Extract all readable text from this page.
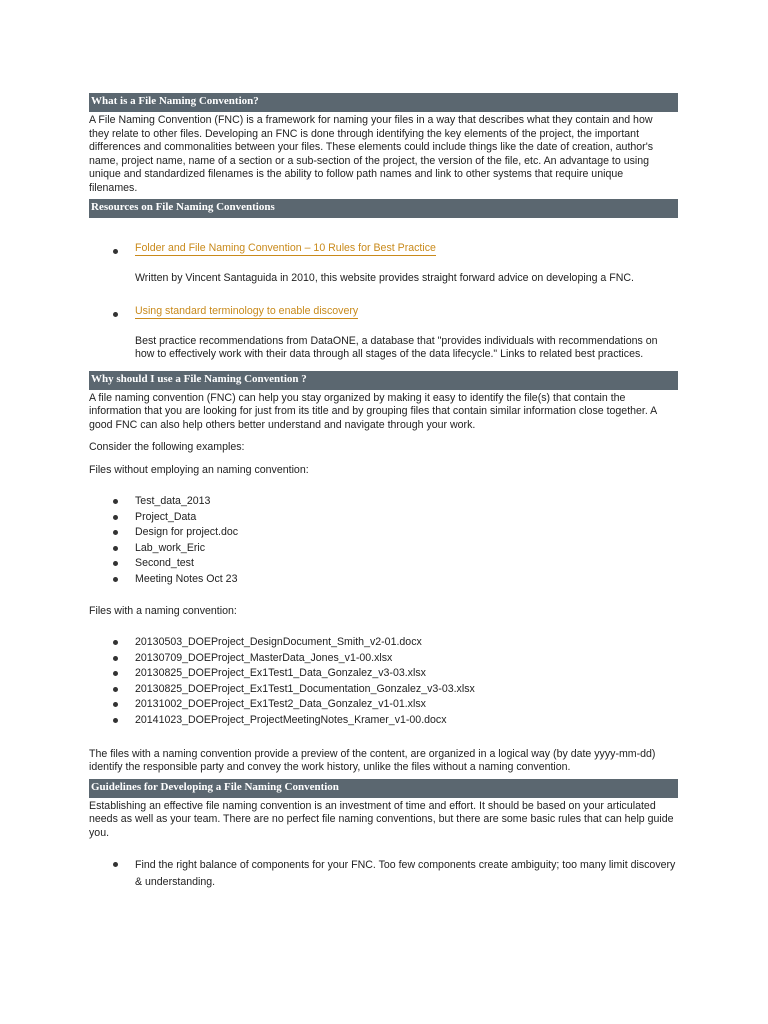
What is a File Naming Convention?

A File Naming Convention (FNC) is a framework for naming your files in a way that describes what they contain and how they relate to other files. Developing an FNC is done through identifying the key elements of the project, the important differences and commonalities between your files. These elements could include things like the date of creation, author's name, project name, name of a section or a sub-section of the project, the version of the file, etc. An advantage to using unique and standardized filenames is the ability to follow path names and link to other systems that require unique filenames.

Resources on File Naming Conventions
Folder and File Naming Convention – 10 Rules for Best Practice
Written by Vincent Santaguida in 2010, this website provides straight forward advice on developing a FNC.
Using standard terminology to enable discovery
Best practice recommendations from DataONE, a database that "provides individuals with recommendations on how to effectively work with their data through all stages of the data lifecycle." Links to related best practices.
Why should I use a File Naming Convention ?

A file naming convention (FNC) can help you stay organized by making it easy to identify the file(s) that contain the information that you are looking for just from its title and by grouping files that contain similar information close together. A good FNC can also help others better understand and navigate through your work.

Consider the following examples:

Files without employing an naming convention:

Test_data_2013
Project_Data
Design for project.doc
Lab_work_Eric
Second_test
Meeting Notes Oct 23

Files with a naming convention:

20130503_DOEProject_DesignDocument_Smith_v2-01.docx
20130709_DOEProject_MasterData_Jones_v1-00.xlsx
20130825_DOEProject_Ex1Test1_Data_Gonzalez_v3-03.xlsx
20130825_DOEProject_Ex1Test1_Documentation_Gonzalez_v3-03.xlsx
20131002_DOEProject_Ex1Test2_Data_Gonzalez_v1-01.xlsx
20141023_DOEProject_ProjectMeetingNotes_Kramer_v1-00.docx

The files with a naming convention provide a preview of the content, are organized in a logical way (by date yyyy-mm-dd) identify the responsible party and convey the work history, unlike the files without a naming convention.

Guidelines for Developing a File Naming Convention

Establishing an effective file naming convention is an investment of time and effort. It should be based on your articulated needs as well as your team. There are no perfect file naming conventions, but there are some basic rules that can help guide you.

Find the right balance of components for your FNC. Too few components create ambiguity; too many limit discovery & understanding.
